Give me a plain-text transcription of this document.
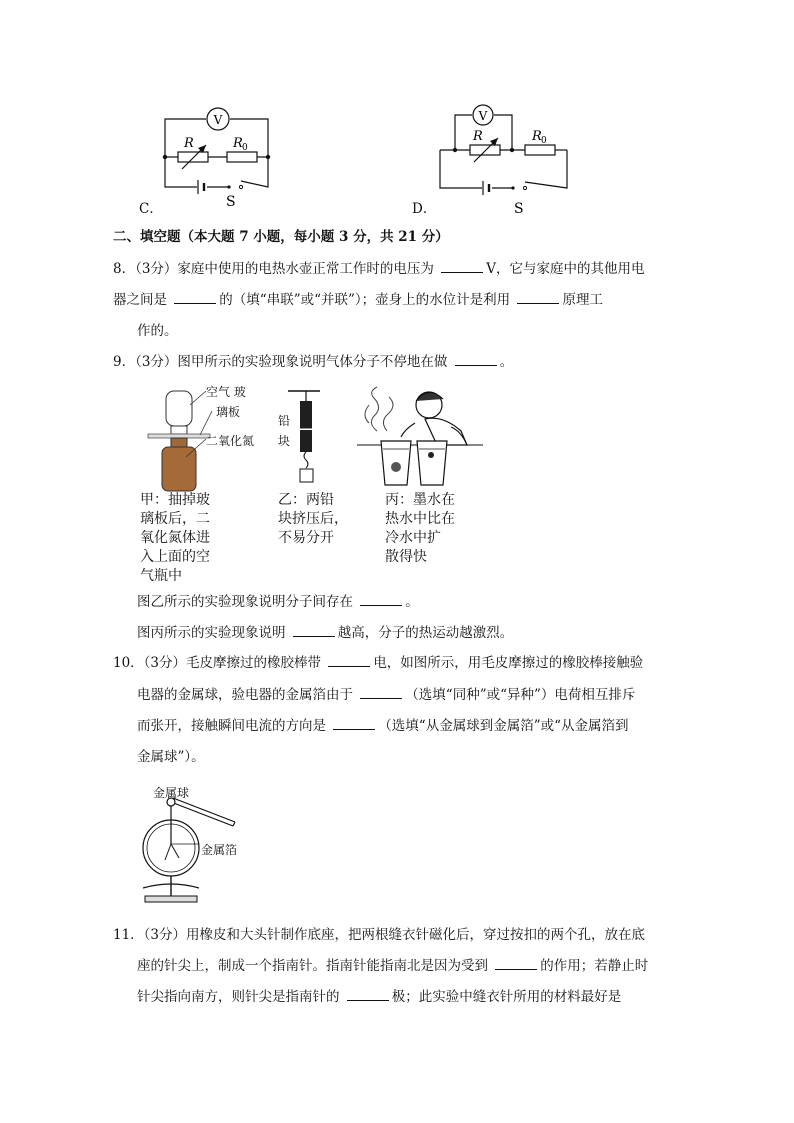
V
R	R 0
S
C．
V
R	R 0
S
D．
二、填空题（本大题 7 小题，每小题 3 分，共 21 分）
8．（3分）家庭中使用的电热水壶正常工作时的电压为	V，它与家庭中的其他用电
器之间是	的（填“串联”或“并联”）；壶身上的水位计是利用	原理工
作的。
9．（3分）图甲所示的实验现象说明气体分子不停地在做	。
空气 玻
璃板
二氧化氮
铅
块
甲：抽掉玻
璃板后，二
氧化氮体进
入上面的空
气瓶中
乙：两铅
块挤压后，
不易分开
丙：墨水在
热水中比在
冷水中扩
散得快
图乙所示的实验现象说明分子间存在	。
图丙所示的实验现象说明	越高，分子的热运动越激烈。
10．（3分）毛皮摩擦过的橡胶棒带	电，如图所示，用毛皮摩擦过的橡胶棒接触验
电器的金属球，验电器的金属箔由于	（选填“同种”或“异种”）电荷相互排斥
而张开，接触瞬间电流的方向是	（选填“从金属球到金属箔”或“从金属箔到
金属球”）。
金属球
金属箔
11．（3分）用橡皮和大头针制作底座，把两根缝衣针磁化后，穿过按扣的两个孔，放在底
座的针尖上，制成一个指南针。指南针能指南北是因为受到	的作用；若静止时
针尖指向南方，则针尖是指南针的	极；此实验中缝衣针所用的材料最好是
